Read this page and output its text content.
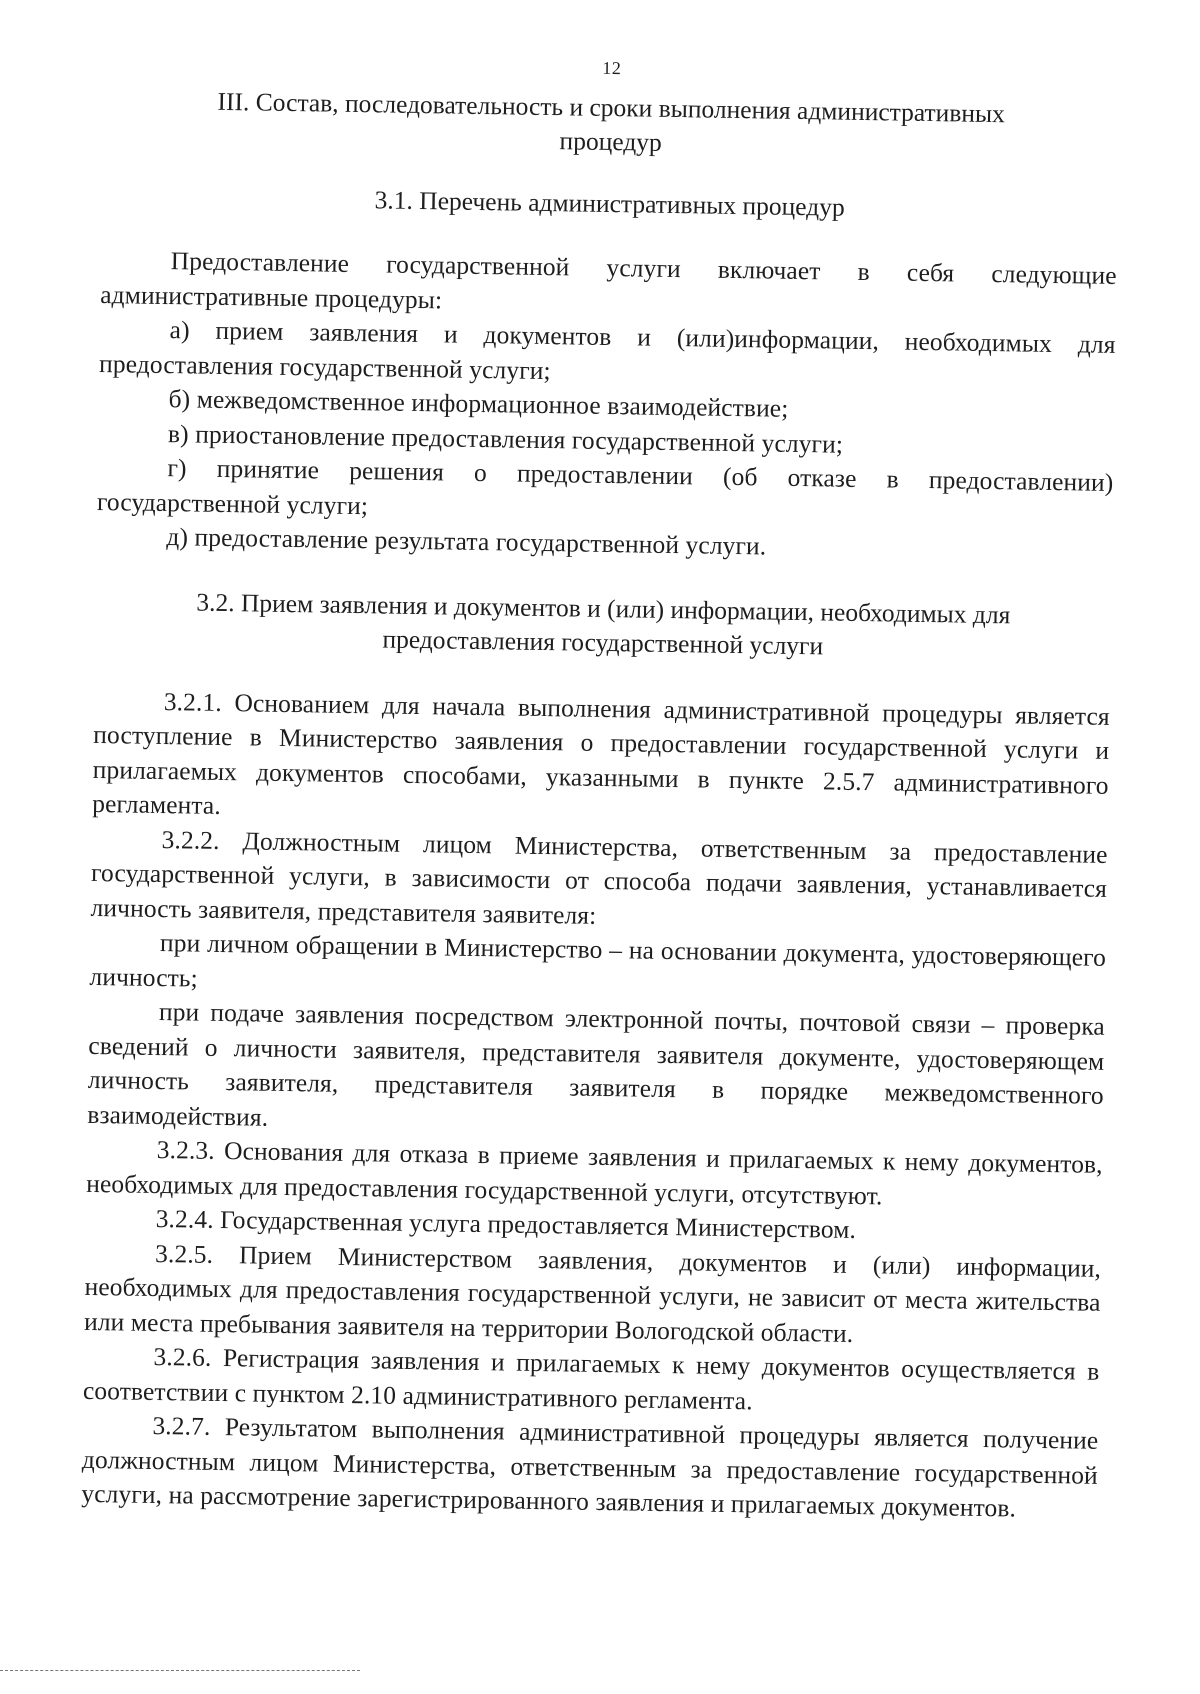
12
III. Состав, последовательность и сроки выполнения административных процедур
3.1. Перечень административных процедур

Предоставление государственной услуги включает в себя следующие административные процедуры:

а) прием заявления и документов и (или)информации, необходимых для предоставления государственной услуги;

б) межведомственное информационное взаимодействие;

в) приостановление предоставления государственной услуги;

г) принятие решения о предоставлении (об отказе в предоставлении) государственной услуги;

д) предоставление результата государственной услуги.

3.2. Прием заявления и документов и (или) информации, необходимых для предоставления государственной услуги

3.2.1. Основанием для начала выполнения административной процедуры является поступление в Министерство заявления о предоставлении государственной услуги и прилагаемых документов способами, указанными в пункте 2.5.7 административного регламента.

3.2.2. Должностным лицом Министерства, ответственным за предоставление государственной услуги, в зависимости от способа подачи заявления, устанавливается личность заявителя, представителя заявителя:

при личном обращении в Министерство – на основании документа, удостоверяющего личность;

при подаче заявления посредством электронной почты, почтовой связи – проверка сведений о личности заявителя, представителя заявителя документе, удостоверяющем личность заявителя, представителя заявителя в порядке межведомственного взаимодействия.

3.2.3. Основания для отказа в приеме заявления и прилагаемых к нему документов, необходимых для предоставления государственной услуги, отсутствуют.

3.2.4. Государственная услуга предоставляется Министерством.

3.2.5. Прием Министерством заявления, документов и (или) информации, необходимых для предоставления государственной услуги, не зависит от места жительства или места пребывания заявителя на территории Вологодской области.

3.2.6. Регистрация заявления и прилагаемых к нему документов осуществляется в соответствии с пунктом 2.10 административного регламента.

3.2.7. Результатом выполнения административной процедуры является получение должностным лицом Министерства, ответственным за предоставление государственной услуги, на рассмотрение зарегистрированного заявления и прилагаемых документов.
